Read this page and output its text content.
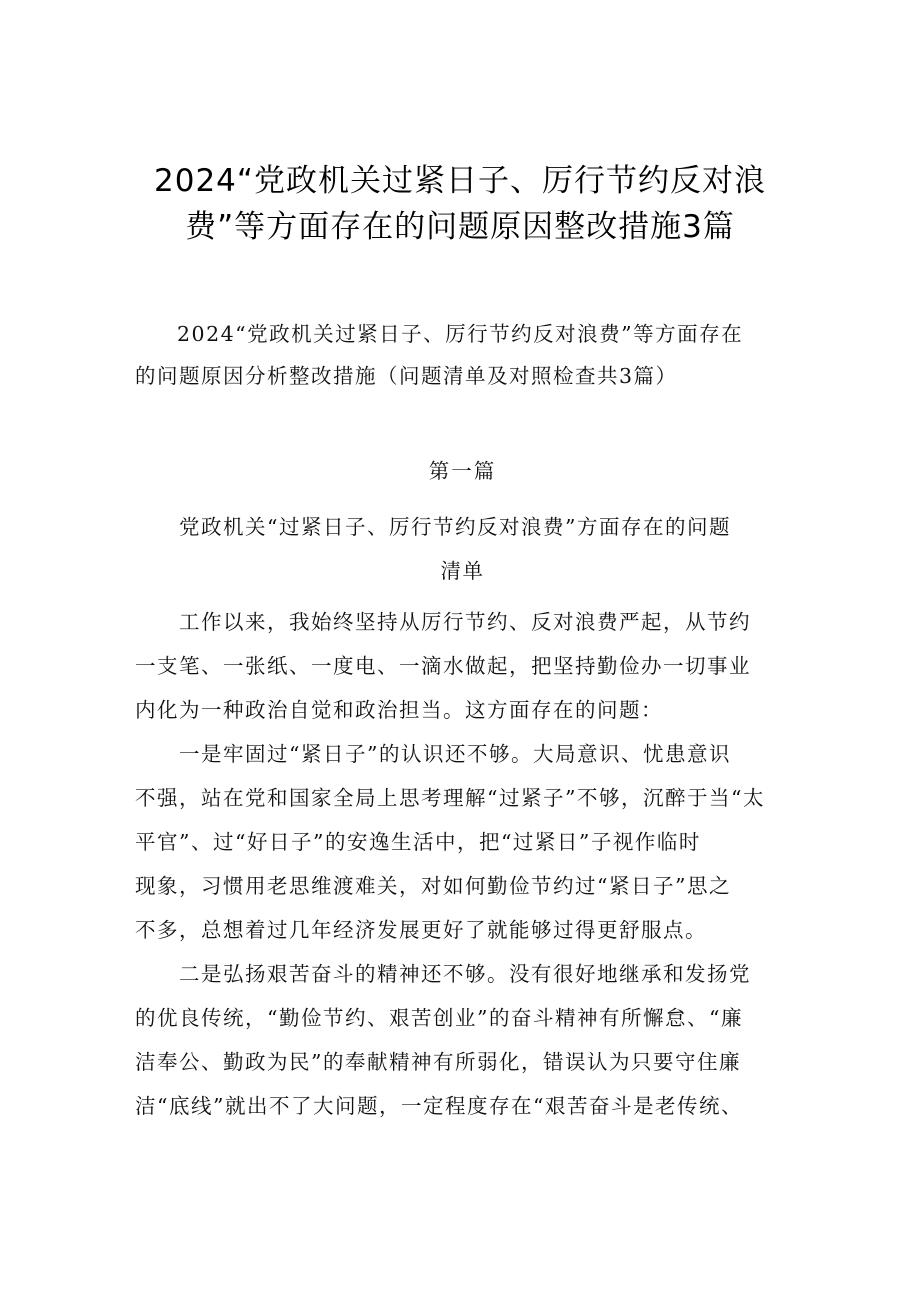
2024“党政机关过紧日子、厉行节约反对浪
费”等方面存在的问题原因整改措施3篇
2024“党政机关过紧日子、厉行节约反对浪费”等方面存在
的问题原因分析整改措施（问题清单及对照检查共3篇）
第一篇
党政机关“过紧日子、厉行节约反对浪费”方面存在的问题
清单
工作以来，我始终坚持从厉行节约、反对浪费严起，从节约
一支笔、一张纸、一度电、一滴水做起，把坚持勤俭办一切事业
内化为一种政治自觉和政治担当。这方面存在的问题：
一是牢固过“紧日子”的认识还不够。大局意识、忧患意识
不强，站在党和国家全局上思考理解“过紧子”不够，沉醉于当“太
平官”、过“好日子”的安逸生活中，把“过紧日”子视作临时
现象，习惯用老思维渡难关，对如何勤俭节约过“紧日子”思之
不多，总想着过几年经济发展更好了就能够过得更舒服点。
二是弘扬艰苦奋斗的精神还不够。没有很好地继承和发扬党
的优良传统，“勤俭节约、艰苦创业”的奋斗精神有所懈怠、“廉
洁奉公、勤政为民”的奉献精神有所弱化，错误认为只要守住廉
洁“底线”就出不了大问题，一定程度存在“艰苦奋斗是老传统、
